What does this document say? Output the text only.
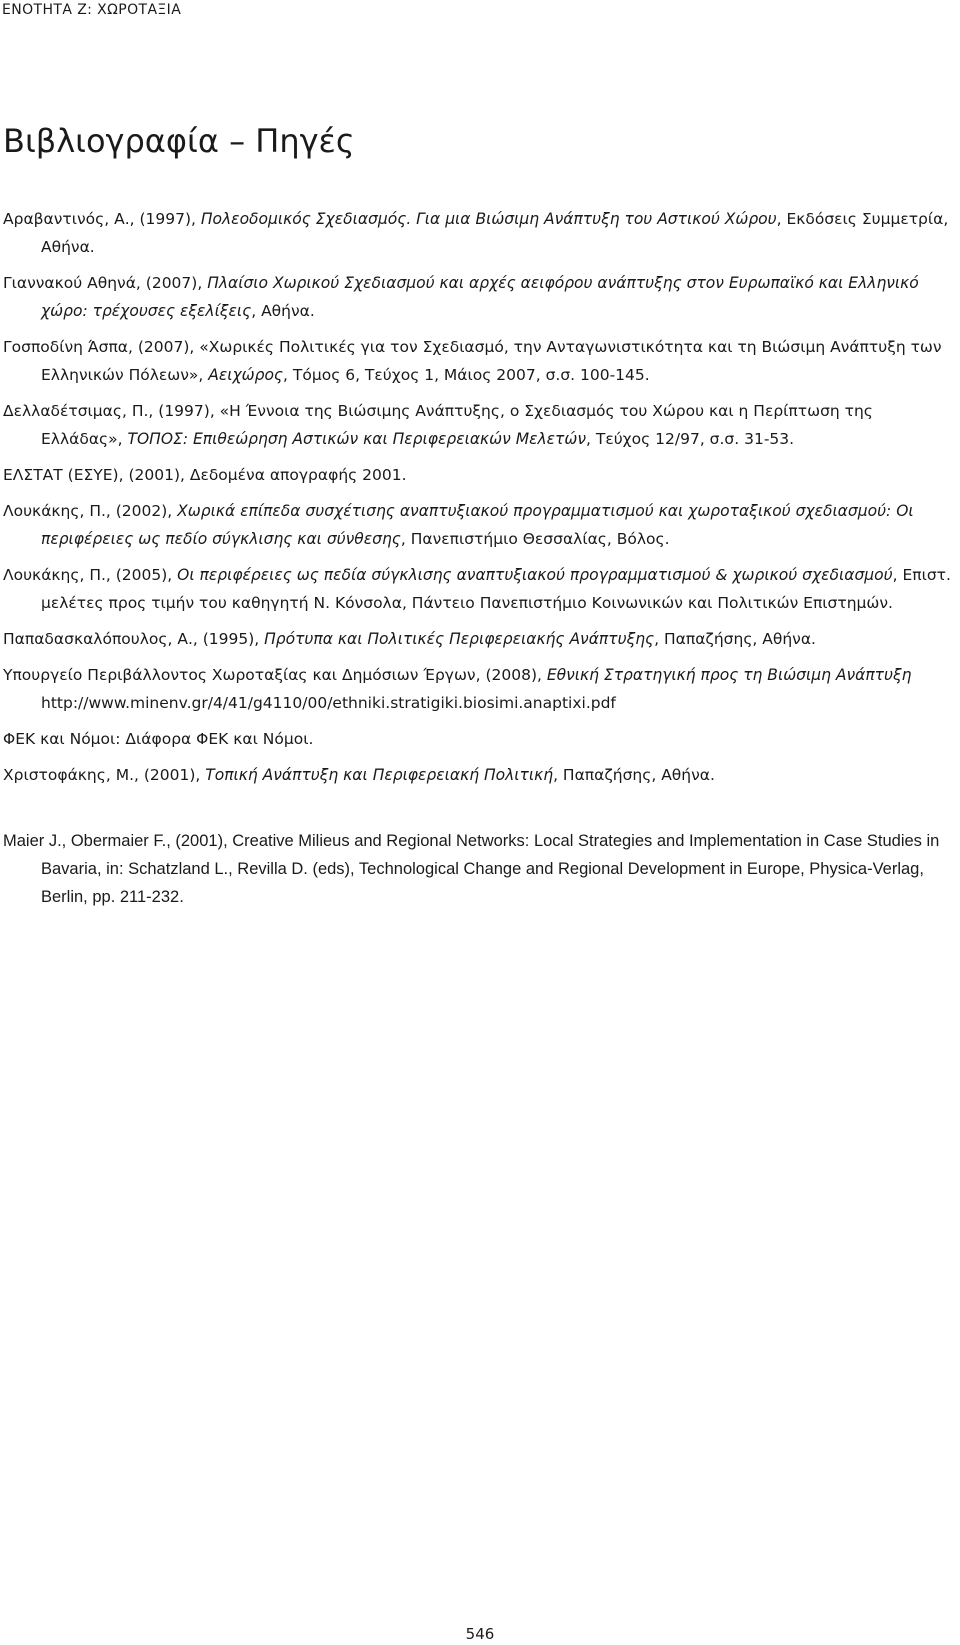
ΕΝΟΤΗΤΑ Ζ: ΧΩΡΟΤΑΞΙΑ
Βιβλιογραφία – Πηγές

Αραβαντινός, Α., (1997), Πολεοδομικός Σχεδιασμός. Για μια Βιώσιμη Ανάπτυξη του Αστικού Χώρου, Εκδόσεις Συμμετρία, Αθήνα.

Γιαννακού Αθηνά, (2007), Πλαίσιο Χωρικού Σχεδιασμού και αρχές αειφόρου ανάπτυξης στον Ευρωπαϊκό και Ελληνικό χώρο: τρέχουσες εξελίξεις, Αθήνα.

Γοσποδίνη Άσπα, (2007), «Χωρικές Πολιτικές για τον Σχεδιασμό, την Ανταγωνιστικότητα και τη Βιώσιμη Ανάπτυξη των Ελληνικών Πόλεων», Αειχώρος, Τόμος 6, Τεύχος 1, Μάιος 2007, σ.σ. 100-145.

Δελλαδέτσιμας, Π., (1997), «Η Έννοια της Βιώσιμης Ανάπτυξης, ο Σχεδιασμός του Χώρου και η Περίπτωση της Ελλάδας», ΤΟΠΟΣ: Επιθεώρηση Αστικών και Περιφερειακών Μελετών, Τεύχος 12/97, σ.σ. 31-53.

ΕΛΣΤΑΤ (ΕΣΥΕ), (2001), Δεδομένα απογραφής 2001.

Λουκάκης, Π., (2002), Χωρικά επίπεδα συσχέτισης αναπτυξιακού προγραμματισμού και χωροταξικού σχεδιασμού: Οι περιφέρειες ως πεδίο σύγκλισης και σύνθεσης, Πανεπιστήμιο Θεσσαλίας, Βόλος.

Λουκάκης, Π., (2005), Οι περιφέρειες ως πεδία σύγκλισης αναπτυξιακού προγραμματισμού & χωρικού σχεδιασμού, Επιστ. μελέτες προς τιμήν του καθηγητή Ν. Κόνσολα, Πάντειο Πανεπιστήμιο Κοινωνικών και Πολιτικών Επιστημών.

Παπαδασκαλόπουλος, Α., (1995), Πρότυπα και Πολιτικές Περιφερειακής Ανάπτυξης, Παπαζήσης, Αθήνα.

Υπουργείο Περιβάλλοντος Χωροταξίας και Δημόσιων Έργων, (2008), Εθνική Στρατηγική προς τη Βιώσιμη Ανάπτυξη http://www.minenv.gr/4/41/g4110/00/ethniki.stratigiki.biosimi.anaptixi.pdf

ΦΕΚ και Νόμοι: Διάφορα ΦΕΚ και Νόμοι.

Χριστοφάκης, Μ., (2001), Τοπική Ανάπτυξη και Περιφερειακή Πολιτική, Παπαζήσης, Αθήνα.

Maier J., Obermaier F., (2001), Creative Milieus and Regional Networks: Local Strategies and Implementation in Case Studies in Bavaria, in: Schatzland L., Revilla D. (eds), Technological Change and Regional Development in Europe, Physica-Verlag, Berlin, pp. 211-232.

546
